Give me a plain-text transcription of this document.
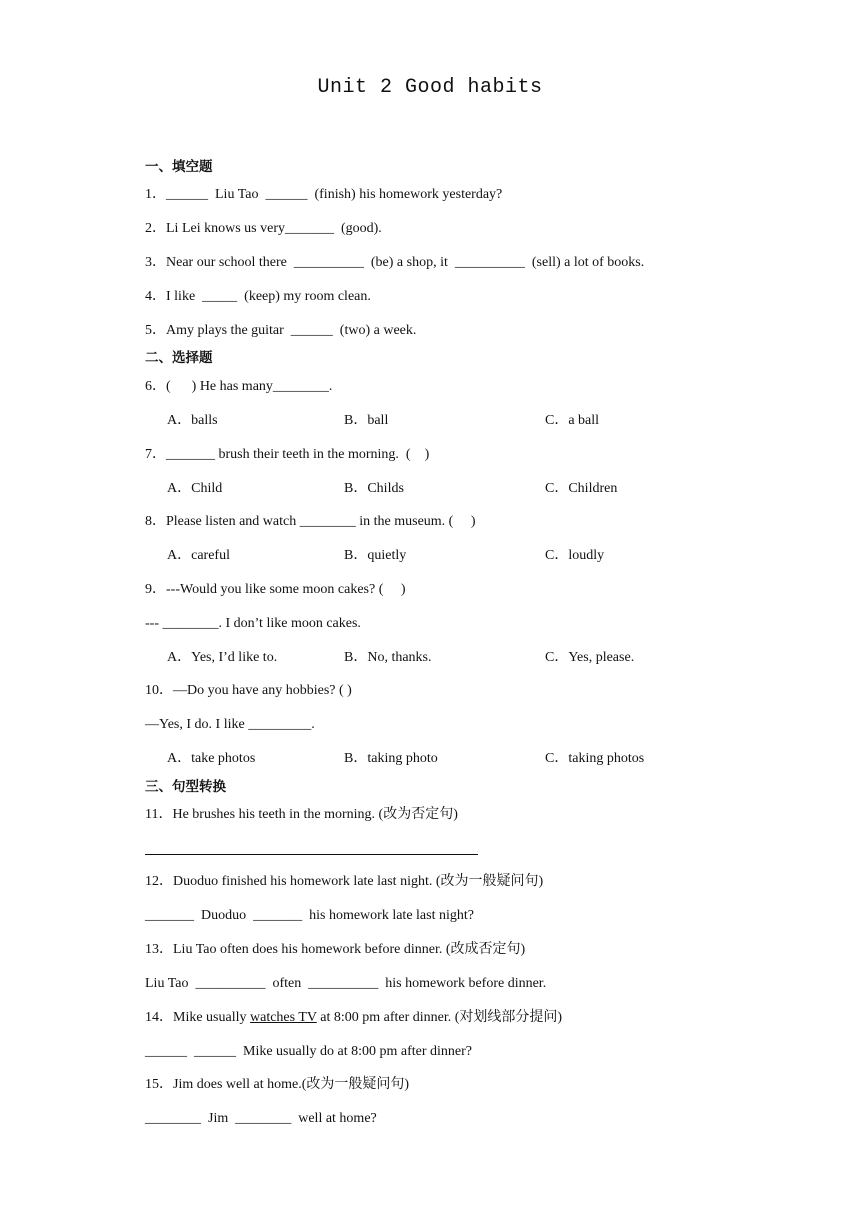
Unit 2 Good habits
一、填空题
1．______  Liu Tao  ______  (finish) his homework yesterday?
2．Li Lei knows us very_______  (good).
3．Near our school there  __________  (be) a shop, it  __________  (sell) a lot of books.
4．I like  _____  (keep) my room clean.
5．Amy plays the guitar  ______  (two) a week.
二、选择题
6．(      ) He has many________.
A．balls	B．ball	C．a ball
7．_______ brush their teeth in the morning.  (    )
A．Child	B．Childs	C．Children
8．Please listen and watch ________ in the museum. (     )
A．careful	B．quietly	C．loudly
9．---Would you like some moon cakes? (     )
--- ________. I don’t like moon cakes.
A．Yes, I’d like to.	B．No, thanks.	C．Yes, please.
10．—Do you have any hobbies? ( )
—Yes, I do. I like _________.
A．take photos	B．taking photo	C．taking photos
三、句型转换
11．He brushes his teeth in the morning. (改为否定句)
12．Duoduo finished his homework late last night. (改为一般疑问句)
_______  Duoduo  _______  his homework late last night?
13．Liu Tao often does his homework before dinner. (改成否定句)
Liu Tao  __________  often  __________  his homework before dinner.
14．Mike usually watches TV at 8:00 pm after dinner. (对划线部分提问)
______  ______  Mike usually do at 8:00 pm after dinner?
15．Jim does well at home.(改为一般疑问句)
________  Jim  ________  well at home?
